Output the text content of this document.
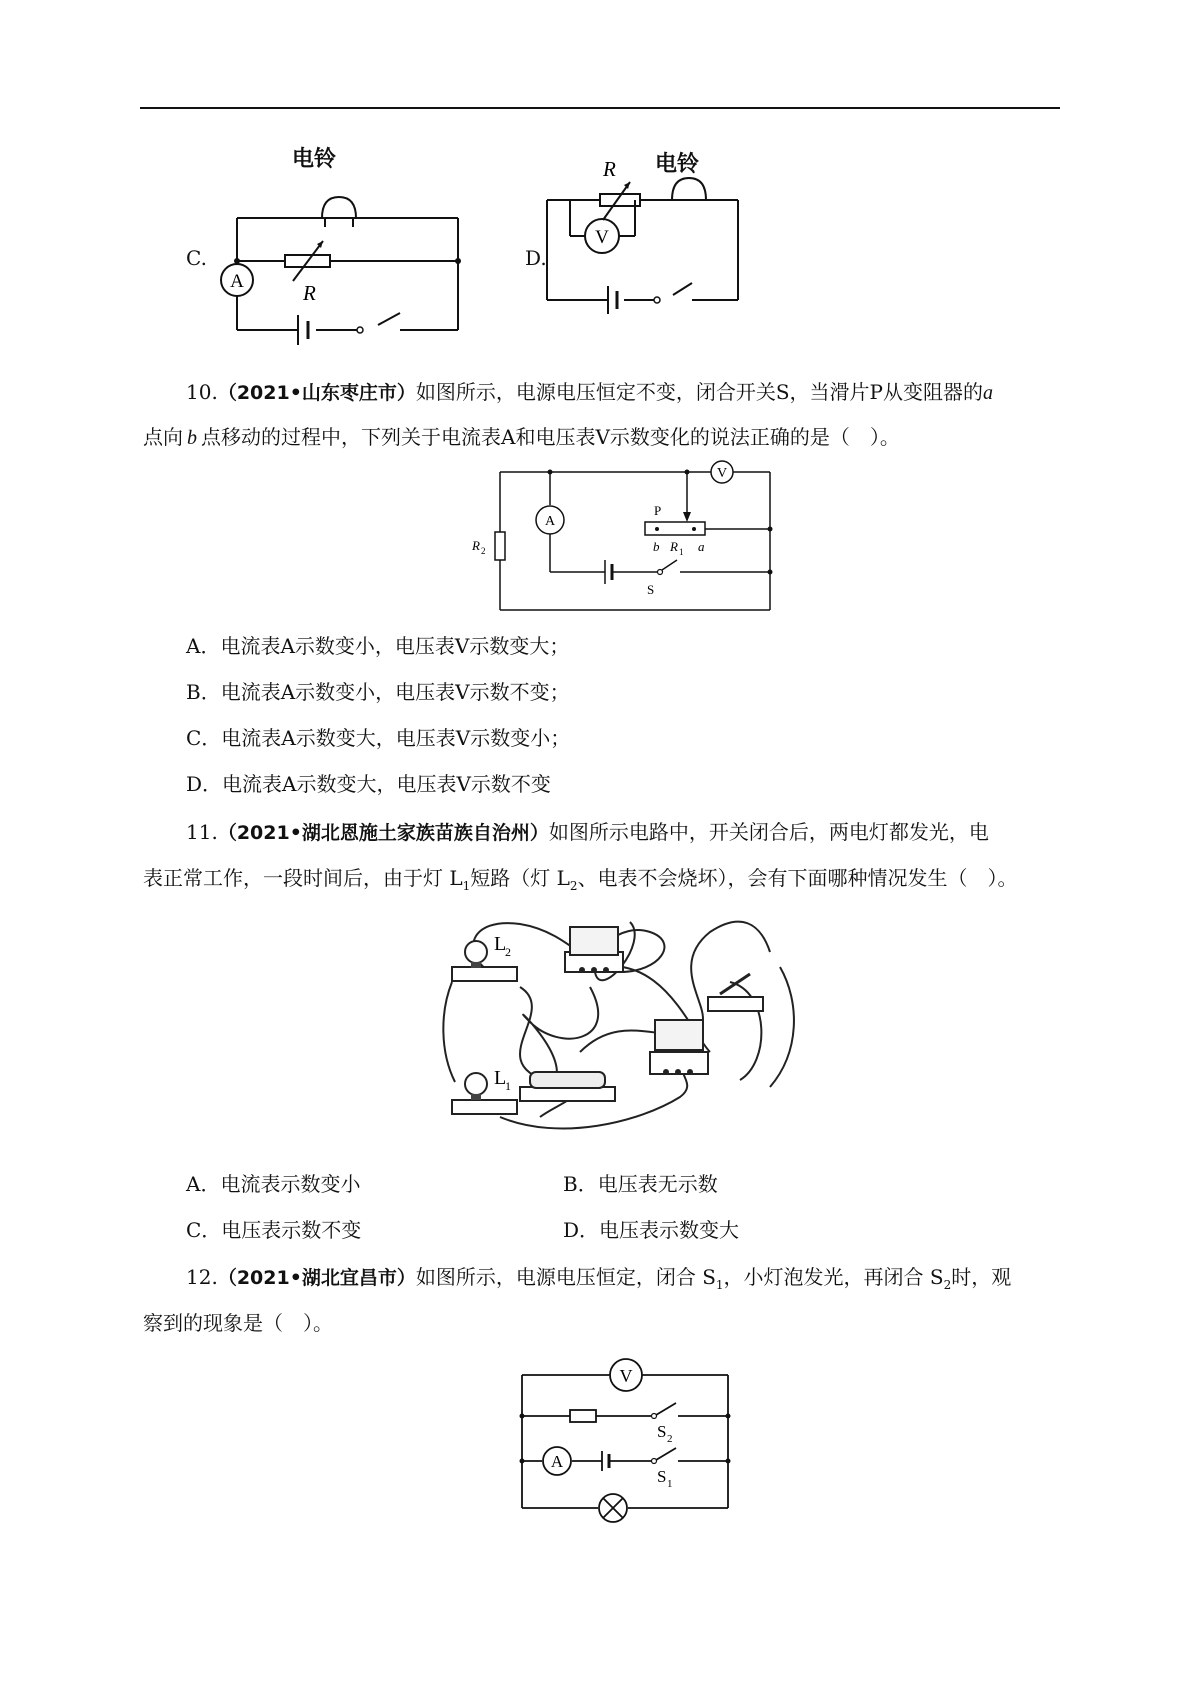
C.
A	R
电铃
D.
V
R 电铃
10.（2021•山东枣庄市）如图所示，电源电压恒定不变，闭合开关S，当滑片P从变阻器的a
点向 b 点移动的过程中，下列关于电流表A和电压表V示数变化的说法正确的是（　）。
V
A
P
b R 1 a
R 2
S
A．电流表A示数变小，电压表V示数变大；
B．电流表A示数变小，电压表V示数不变；
C．电流表A示数变大，电压表V示数变小；
D．电流表A示数变大，电压表V示数不变
11.（2021•湖北恩施土家族苗族自治州）如图所示电路中，开关闭合后，两电灯都发光，电
表正常工作，一段时间后，由于灯 $L_1$短路（灯 $L_2$、电表不会烧坏），会有下面哪种情况发生（　）。
L
2
L
1
A．电流表示数变小	B．电压表无示数
C．电压表示数不变	D．电压表示数变大
12.（2021•湖北宜昌市）如图所示，电源电压恒定，闭合 $S_1$，小灯泡发光，再闭合 $S_2$时，观
察到的现象是（　）。
V
A
S 2
S 1
